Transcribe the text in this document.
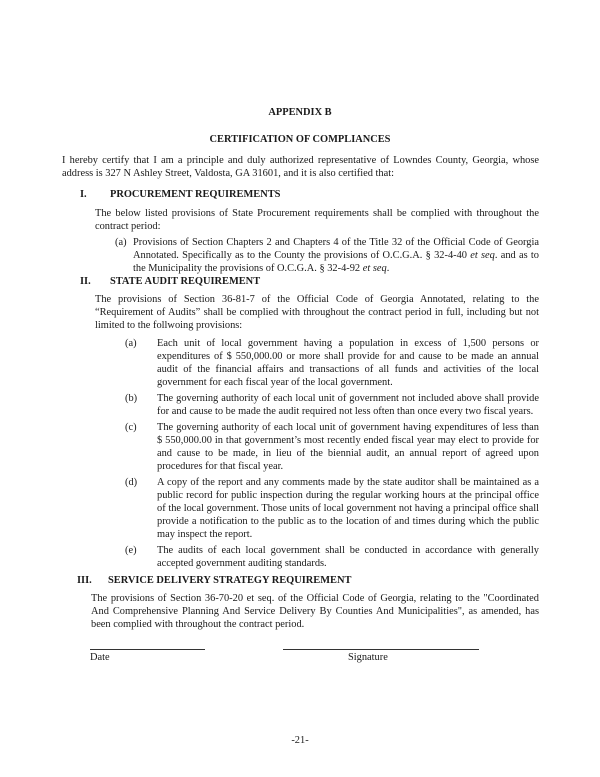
APPENDIX B
CERTIFICATION OF COMPLIANCES
I hereby certify that I am a principle and duly authorized representative of Lowndes County, Georgia, whose address is 327 N Ashley Street, Valdosta, GA 31601, and it is also certified that:
I. PROCUREMENT REQUIREMENTS
The below listed provisions of State Procurement requirements shall be complied with throughout the contract period:
(a) Provisions of Section Chapters 2 and Chapters 4 of the Title 32 of the Official Code of Georgia Annotated. Specifically as to the County the provisions of O.C.G.A. § 32-4-40 et seq. and as to the Municipality the provisions of O.C.G.A. § 32-4-92 et seq.
II. STATE AUDIT REQUIREMENT
The provisions of Section 36-81-7 of the Official Code of Georgia Annotated, relating to the “Requirement of Audits” shall be complied with throughout the contract period in full, including but not limited to the follwoing provisions:
(a) Each unit of local government having a population in excess of 1,500 persons or expenditures of $ 550,000.00 or more shall provide for and cause to be made an annual audit of the financial affairs and transactions of all funds and activities of the local government for each fiscal year of the local government.
(b) The governing authority of each local unit of government not included above shall provide for and cause to be made the audit required not less often than once every two fiscal years.
(c) The governing authority of each local unit of government having expenditures of less than $ 550,000.00 in that government’s most recently ended fiscal year may elect to provide for and cause to be made, in lieu of the biennial audit, an annual report of agreed upon procedures for that fiscal year.
(d) A copy of the report and any comments made by the state auditor shall be maintained as a public record for public inspection during the regular working hours at the principal office of the local government. Those units of local government not having a principal office shall provide a notification to the public as to the location of and times during which the public may inspect the report.
(e) The audits of each local government shall be conducted in accordance with generally accepted government auditing standards.
III. SERVICE DELIVERY STRATEGY REQUIREMENT
The provisions of Section 36-70-20 et seq. of the Official Code of Georgia, relating to the "Coordinated And Comprehensive Planning And Service Delivery By Counties And Municipalities", as amended, has been complied with throughout the contract period.
Date	Signature
-21-
